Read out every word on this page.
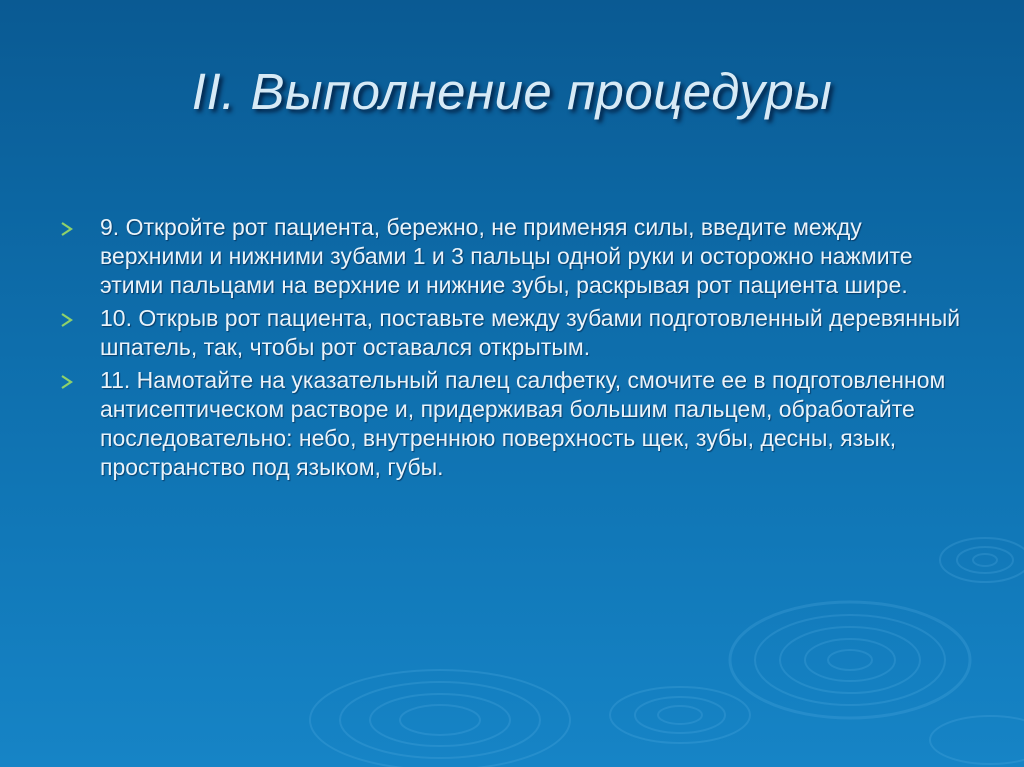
II. Выполнение процедуры
9. Откройте рот пациента, бережно, не применяя силы, введите между верхними и нижними зубами 1 и 3 пальцы одной руки и осторожно нажмите этими пальцами на верхние и нижние зубы, раскрывая рот пациента шире.
10. Открыв рот пациента, поставьте между зубами подготовленный деревянный шпатель, так, чтобы рот оставался открытым.
11. Намотайте на указательный палец салфетку, смочите ее в подготовленном антисептическом растворе и, придерживая большим пальцем, обработайте последовательно: небо, внутреннюю поверхность щек, зубы, десны, язык, пространство под языком, губы.
